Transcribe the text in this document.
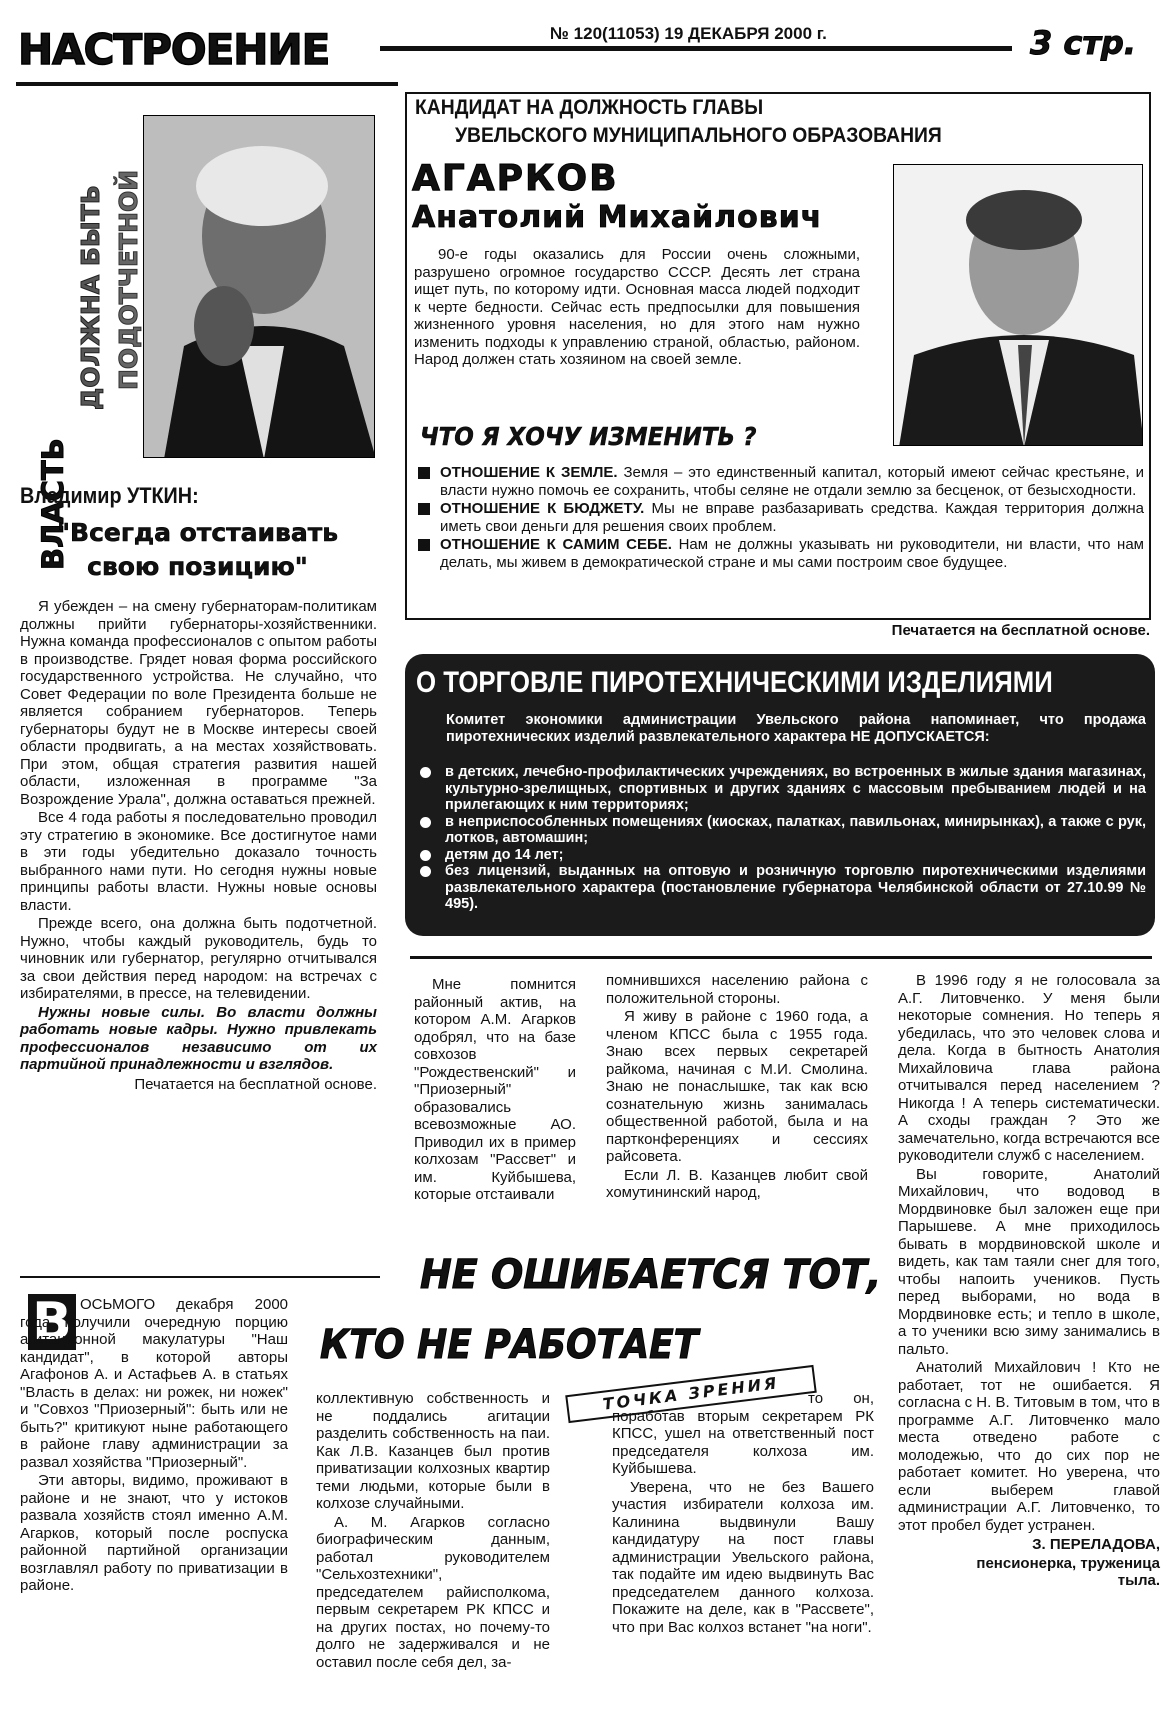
НАСТРОЕНИЕ	№ 120(11053) 19 ДЕКАБРЯ 2000 г.	3 стр.
ВЛАСТЬ
ДОЛЖНА БЫТЬ ПОДОТЧЕТНОЙ
Владимир УТКИН:
"Всегда отстаивать свою позицию"

Я убежден – на смену губернаторам-политикам должны прийти губернаторы-хозяйственники. Нужна команда профессионалов с опытом работы в производстве. Грядет новая форма российского государственного устройства. Не случайно, что Совет Федерации по воле Президента больше не является собранием губернаторов. Теперь губернаторы будут не в Москве интересы своей области продвигать, а на местах хозяйствовать. При этом, общая стратегия развития нашей области, изложенная в программе "За Возрождение Урала", должна оставаться прежней.

Все 4 года работы я последовательно проводил эту стратегию в экономике. Все достигнутое нами в эти годы убедительно доказало точность выбранного нами пути. Но сегодня нужны новые принципы работы власти. Нужны новые основы власти.

Прежде всего, она должна быть подотчетной. Нужно, чтобы каждый руководитель, будь то чиновник или губернатор, регулярно отчитывался за свои действия перед народом: на встречах с избирателями, в прессе, на телевидении.

Нужны новые силы. Во власти должны работать новые кадры. Нужно привлекать профессионалов независимо от их партийной принадлежности и взглядов.

Печатается на бесплатной основе.

КАНДИДАТ НА ДОЛЖНОСТЬ ГЛАВЫ
УВЕЛЬСКОГО МУНИЦИПАЛЬНОГО ОБРАЗОВАНИЯ
АГАРКОВ
Анатолий Михайлович
90-е годы оказались для России очень сложными, разрушено огромное государство СССР. Десять лет страна ищет путь, по которому идти. Основная масса людей подходит к черте бедности. Сейчас есть предпосылки для повышения жизненного уровня населения, но для этого нам нужно изменить подходы к управлению страной, областью, районом. Народ должен стать хозяином на своей земле.
ЧТО Я ХОЧУ ИЗМЕНИТЬ ?
ОТНОШЕНИЕ К ЗЕМЛЕ. Земля – это единственный капитал, который имеют сейчас крестьяне, и власти нужно помочь ее сохранить, чтобы селяне не отдали землю за бесценок, от безысходности.
ОТНОШЕНИЕ К БЮДЖЕТУ. Мы не вправе разбазаривать средства. Каждая территория должна иметь свои деньги для решения своих проблем.
ОТНОШЕНИЕ К САМИМ СЕБЕ. Нам не должны указывать ни руководители, ни власти, что нам делать, мы живем в демократической стране и мы сами построим свое будущее.
Печатается на бесплатной основе.
О ТОРГОВЛЕ ПИРОТЕХНИЧЕСКИМИ ИЗДЕЛИЯМИ
Комитет экономики администрации Увельского района напоминает, что продажа пиротехнических изделий развлекательного характера НЕ ДОПУСКАЕТСЯ:
в детских, лечебно-профилактических учреждениях, во встроенных в жилые здания магазинах, культурно-зрелищных, спортивных и других зданиях с массовым пребыванием людей и на прилегающих к ним территориях;
в неприспособленных помещениях (киосках, палатках, павильонах, минирынках), а также с рук, лотков, автомашин;
детям до 14 лет;
без лицензий, выданных на оптовую и розничную торговлю пиротехническими изделиями развлекательного характера (постановление губернатора Челябинской области от 27.10.99 № 495).
Мне помнится районный актив, на котором А.М. Агарков одобрял, что на базе совхозов "Рождественский" и "Приозерный" образовались всевозможные АО. Приводил их в пример колхозам "Рассвет" и им. Куйбышева, которые отстаивали

помнившихся населению района с положительной стороны.

Я живу в районе с 1960 года, а членом КПСС была с 1955 года. Знаю всех первых секретарей райкома, начиная с М.И. Смолина. Знаю не понаслышке, так как всю сознательную жизнь занималась общественной работой, была и на партконференциях и сессиях райсовета.

Если Л. В. Казанцев любит свой хомутининский народ,

В 1996 году я не голосовала за А.Г. Литовченко. У меня были некоторые сомнения. Но теперь я убедилась, что это человек слова и дела. Когда в бытность Анатолия Михайловича глава района отчитывался перед населением ? Никогда ! А теперь систематически. А сходы граждан ? Это же замечательно, когда встречаются все руководители служб с населением.

Вы говорите, Анатолий Михайлович, что водовод в Мордвиновке был заложен еще при Парышеве. А мне приходилось бывать в мордвиновской школе и видеть, как там таяли снег для того, чтобы напоить учеников. Пусть перед выборами, но вода в Мордвиновке есть; и тепло в школе, а то ученики всю зиму занимались в пальто.

Анатолий Михайлович ! Кто не работает, тот не ошибается. Я согласна с Н. В. Титовым в том, что в программе А.Г. Литовченко мало места отведено работе с молодежью, что до сих пор не работает комитет. Но уверена, что если выберем главой администрации А.Г. Литовченко, то этот пробел будет устранен.

З. ПЕРЕЛАДОВА,

пенсионерка, труженица тыла.

НЕ ОШИБАЕТСЯ ТОТ,
КТО НЕ РАБОТАЕТ
ТОЧКА ЗРЕНИЯ
В ОСЬМОГО декабря 2000 года получили очередную порцию агитационной макулатуры "Наш кандидат", в которой авторы Агафонов А. и Астафьев А. в статьях "Власть в делах: ни рожек, ни ножек" и "Совхоз "Приозерный": быть или не быть?" критикуют ныне работающего в районе главу администрации за развал хозяйства "Приозерный".

Эти авторы, видимо, проживают в районе и не знают, что у истоков развала хозяйств стоял именно А.М. Агарков, который после роспуска районной партийной организации возглавлял работу по приватизации в районе.

коллективную собственность и не поддались агитации разделить собственность на паи. Как Л.В. Казанцев был против приватизации колхозных квартир теми людьми, которые были в колхозе случайными.

А. М. Агарков согласно биографическим данным, работал руководителем "Сельхозтехники", председателем райисполкома, первым секретарем РК КПСС и на других постах, но почему-то долго не задерживался и не оставил после себя дел, за-

то он, поработав вторым секретарем РК КПСС, ушел на ответственный пост председателя колхоза им. Куйбышева.

Уверена, что не без Вашего участия избиратели колхоза им. Калинина выдвинули Вашу кандидатуру на пост главы администрации Увельского района, так подайте им идею выдвинуть Вас председателем данного колхоза. Покажите на деле, как в "Рассвете", что при Вас колхоз встанет "на ноги".
